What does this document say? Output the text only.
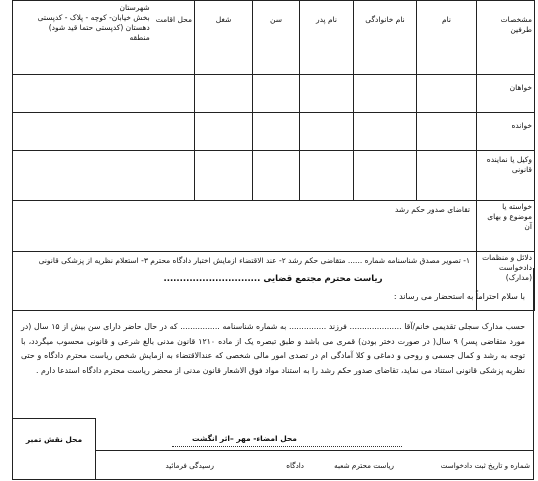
مشخصات طرفین	نام	نام خانوادگی	نام پدر	سن	شغل	محل اقامت
شهرستان
بخش خیابان- کوچه - پلاک - کدپستی
دهستان (کدپستی حتما قید شود)
منطقه

خواهان						
خوانده						
وکیل یا نماینده قانونی						
خواسته یا موضوع و بهای آن	تقاضای صدور حکم رشد					
دلائل و منظمات دادخواست (مدارک)	۱- تصویر مصدق شناسنامه شماره ...... متقاضی حکم رشد ۲- عند الاقتضاء ازمایش اختبار دادگاه محترم ۳- استعلام نظریه از پزشکی قانونی					
ریاست محترم مجتمع قضایی ..............................
با سلام احتراماً به استحضار می رساند :

حسب مدارک سجلی تقدیمی خانم/آقا ..................... فرزند ............... به شماره شناسنامه ................ که در حال حاضر دارای سن بیش از ۱۵ سال (در مورد متقاضی پسر) ۹ سال( در صورت دختر بودن) قمری می باشد و طبق تبصره یک از ماده ۱۲۱۰ قانون مدنی بالغ شرعی و قانونی محسوب میگردد، با توجه به رشد و کمال جسمی و روحی و دماغی و کلا آمادگی ام در تصدی امور مالی شخصی که عندالاقتضاء به ازمایش شخص ریاست محترم دادگاه و حتی نظریه پزشکی قانونی استناد می نماید، تقاضای صدور حکم رشد را به استناد مواد فوق الاشعار قانون مدنی از محضر ریاست محترم دادگاه استدعا دارم .

محل نقش تمبر	محل امضاء- مهر –اثر انگشت
شماره و تاریخ ثبت دادخواست
ریاست محترم شعبه
دادگاه
رسیدگی فرمائید
